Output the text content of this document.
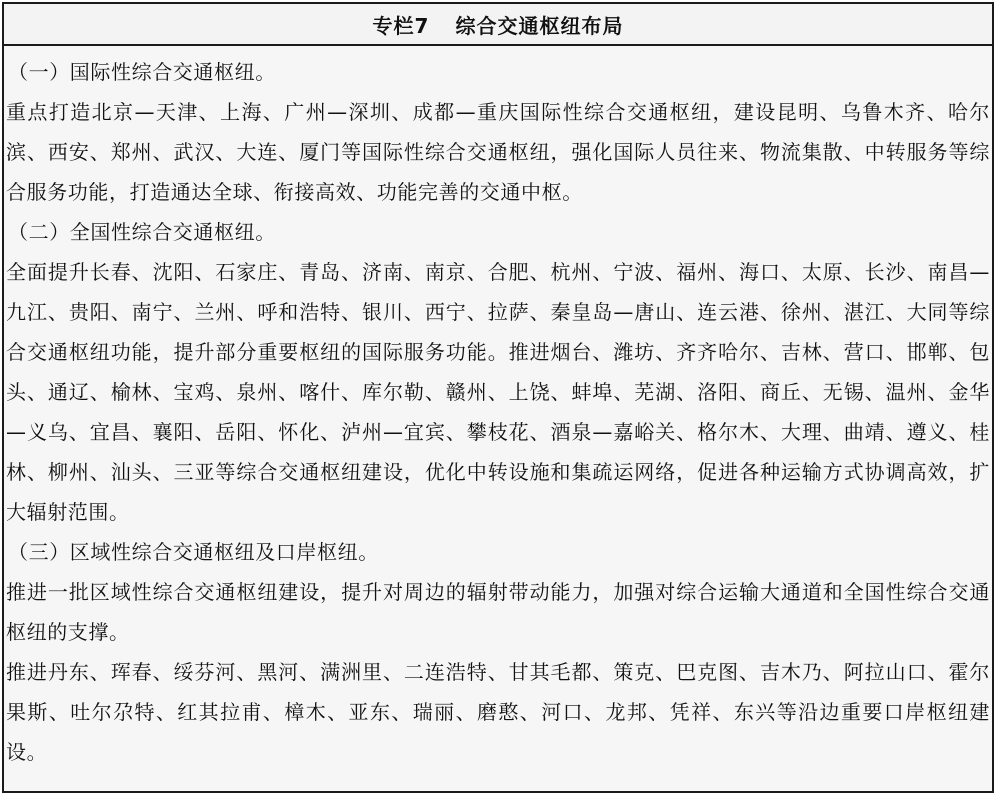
专栏7 综合交通枢纽布局

（一）国际性综合交通枢纽。

重点打造北京—天津、上海、广州—深圳、成都—重庆国际性综合交通枢纽，建设昆明、乌鲁木齐、哈尔滨、西安、郑州、武汉、大连、厦门等国际性综合交通枢纽，强化国际人员往来、物流集散、中转服务等综合服务功能，打造通达全球、衔接高效、功能完善的交通中枢。

（二）全国性综合交通枢纽。

全面提升长春、沈阳、石家庄、青岛、济南、南京、合肥、杭州、宁波、福州、海口、太原、长沙、南昌—九江、贵阳、南宁、兰州、呼和浩特、银川、西宁、拉萨、秦皇岛—唐山、连云港、徐州、湛江、大同等综合交通枢纽功能，提升部分重要枢纽的国际服务功能。推进烟台、潍坊、齐齐哈尔、吉林、营口、邯郸、包头、通辽、榆林、宝鸡、泉州、喀什、库尔勒、赣州、上饶、蚌埠、芜湖、洛阳、商丘、无锡、温州、金华—义乌、宜昌、襄阳、岳阳、怀化、泸州—宜宾、攀枝花、酒泉—嘉峪关、格尔木、大理、曲靖、遵义、桂林、柳州、汕头、三亚等综合交通枢纽建设，优化中转设施和集疏运网络，促进各种运输方式协调高效，扩大辐射范围。

（三）区域性综合交通枢纽及口岸枢纽。

推进一批区域性综合交通枢纽建设，提升对周边的辐射带动能力，加强对综合运输大通道和全国性综合交通枢纽的支撑。

推进丹东、珲春、绥芬河、黑河、满洲里、二连浩特、甘其毛都、策克、巴克图、吉木乃、阿拉山口、霍尔果斯、吐尔尕特、红其拉甫、樟木、亚东、瑞丽、磨憨、河口、龙邦、凭祥、东兴等沿边重要口岸枢纽建设。
